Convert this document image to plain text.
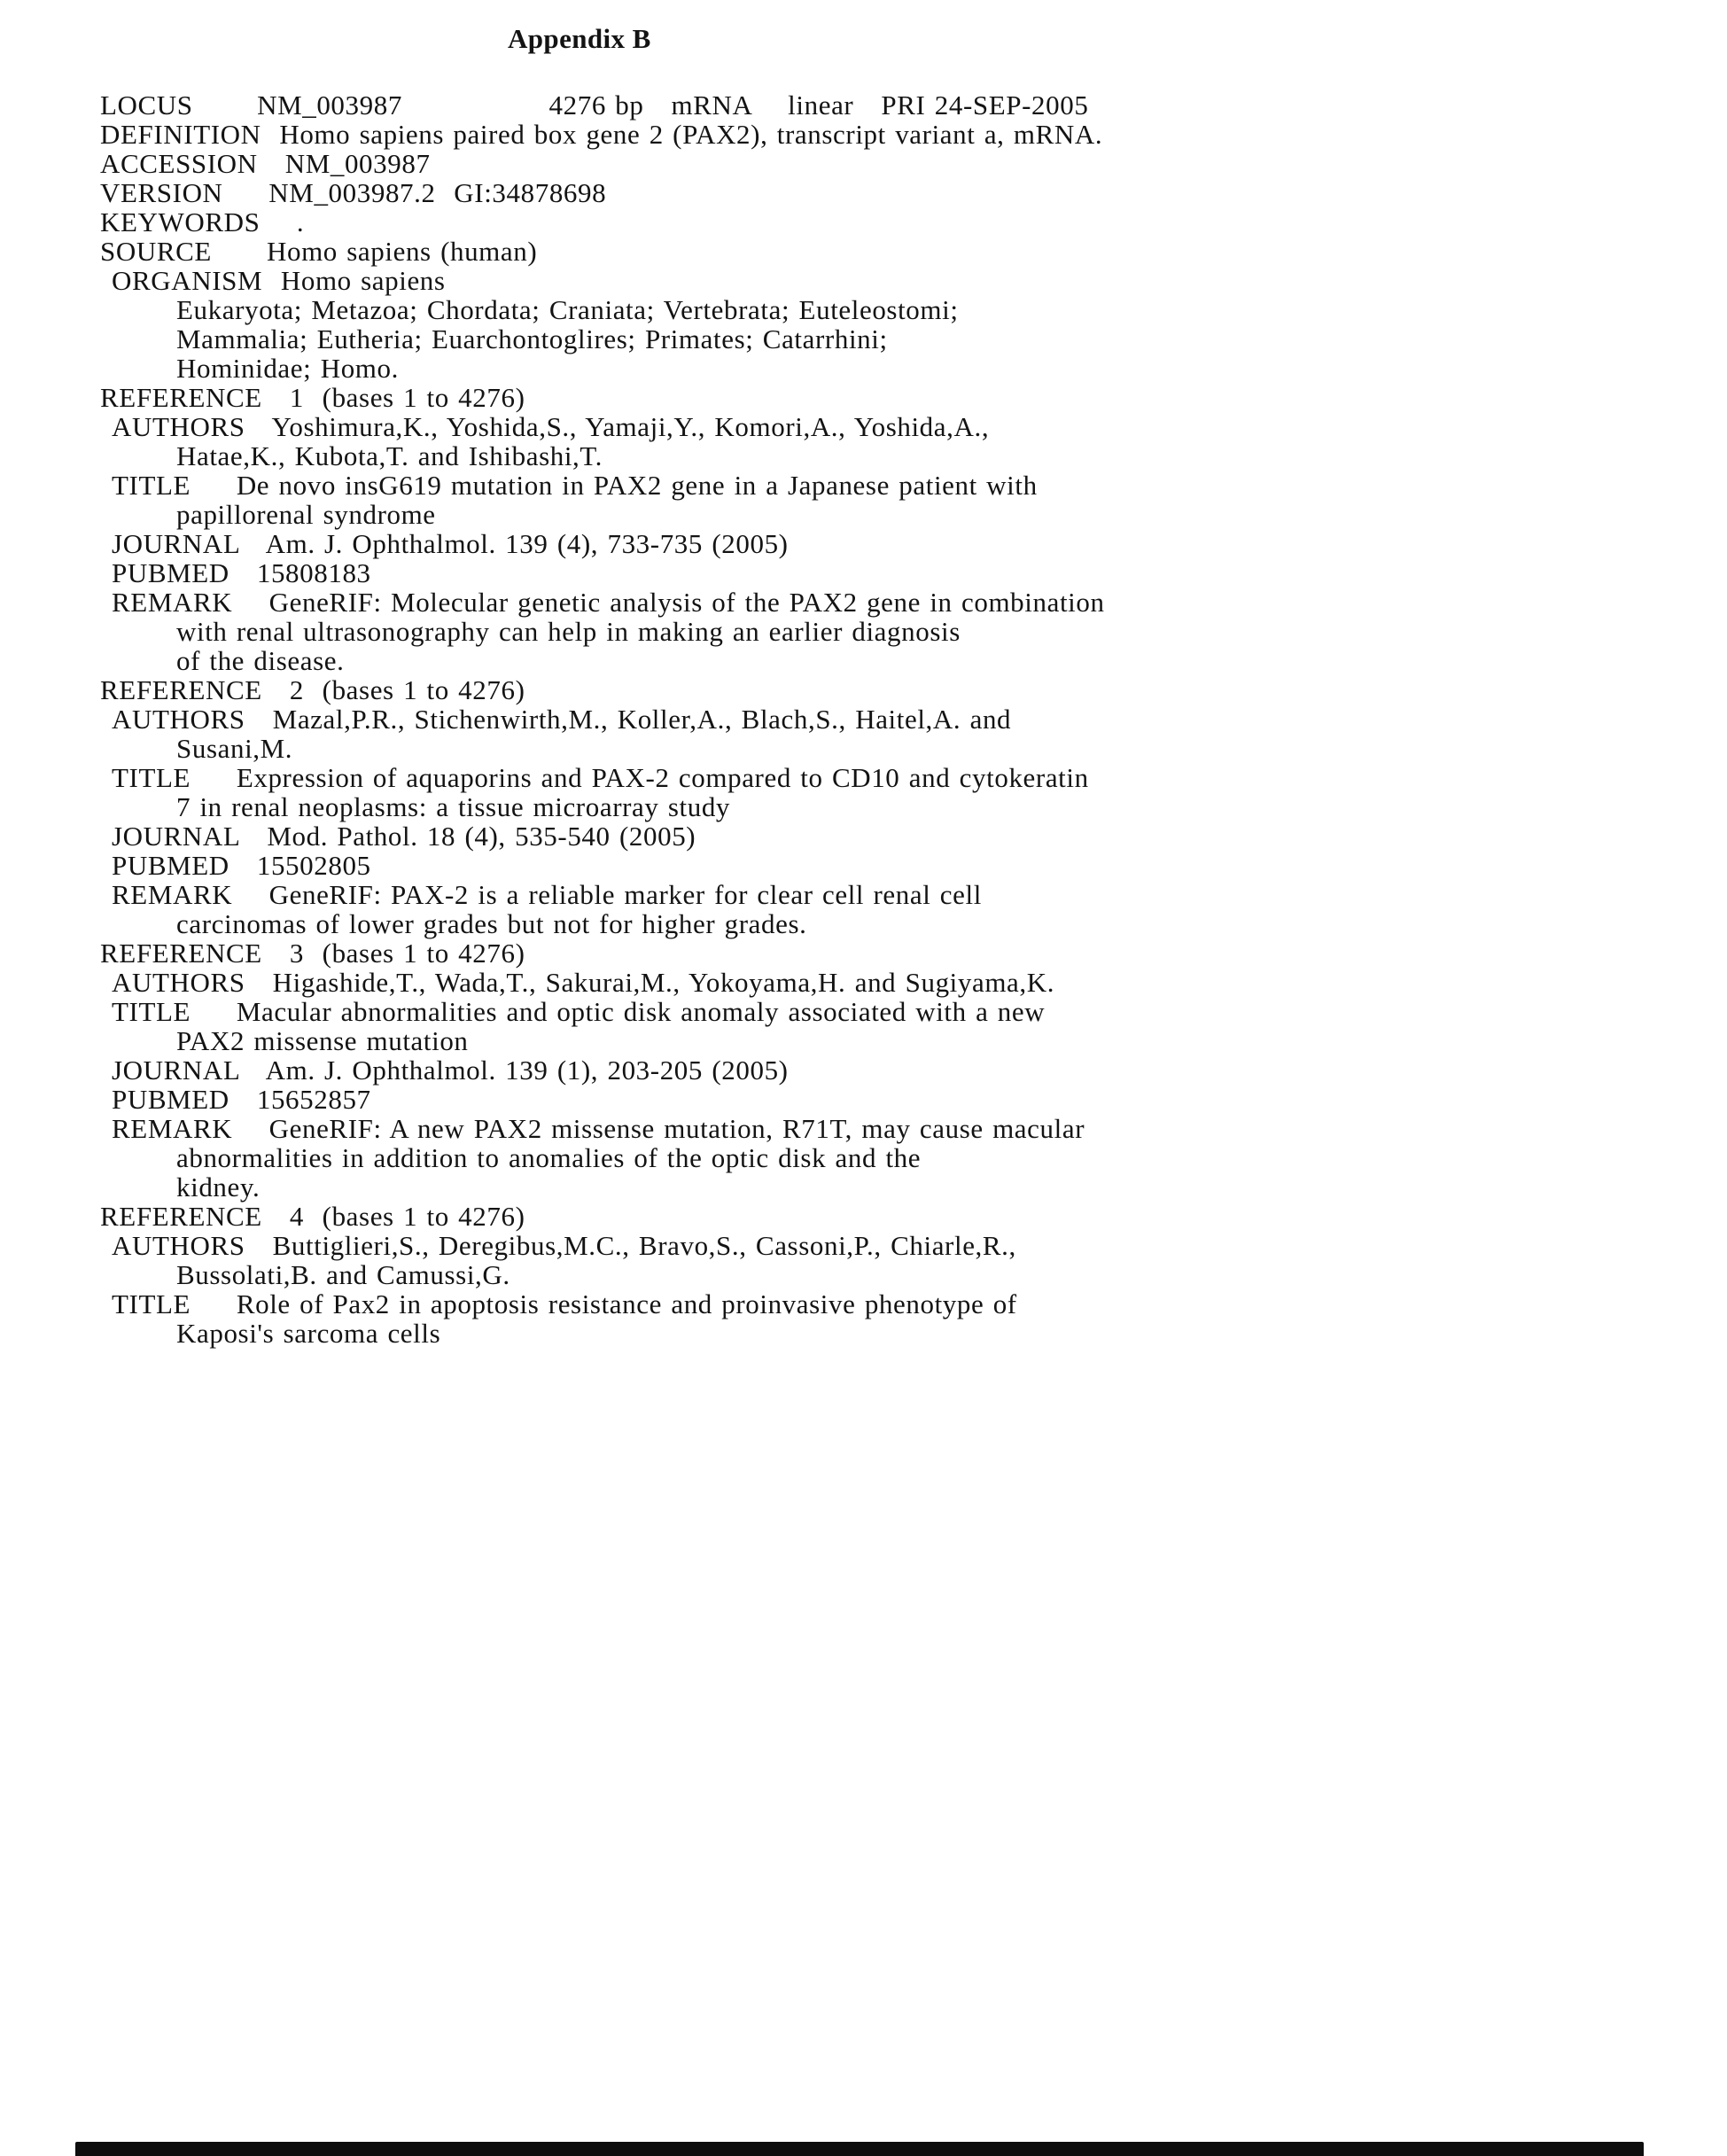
Appendix B
LOCUS       NM_003987                4276 bp   mRNA    linear   PRI 24-SEP-2005
DEFINITION  Homo sapiens paired box gene 2 (PAX2), transcript variant a, mRNA.
ACCESSION   NM_003987
VERSION     NM_003987.2  GI:34878698
KEYWORDS    .
SOURCE      Homo sapiens (human)
ORGANISM  Homo sapiens
Eukaryota; Metazoa; Chordata; Craniata; Vertebrata; Euteleostomi;
Mammalia; Eutheria; Euarchontoglires; Primates; Catarrhini;
Hominidae; Homo.
REFERENCE   1  (bases 1 to 4276)
AUTHORS   Yoshimura,K., Yoshida,S., Yamaji,Y., Komori,A., Yoshida,A.,
Hatae,K., Kubota,T. and Ishibashi,T.
TITLE     De novo insG619 mutation in PAX2 gene in a Japanese patient with
papillorenal syndrome
JOURNAL   Am. J. Ophthalmol. 139 (4), 733-735 (2005)
PUBMED   15808183
REMARK    GeneRIF: Molecular genetic analysis of the PAX2 gene in combination
with renal ultrasonography can help in making an earlier diagnosis
of the disease.
REFERENCE   2  (bases 1 to 4276)
AUTHORS   Mazal,P.R., Stichenwirth,M., Koller,A., Blach,S., Haitel,A. and
Susani,M.
TITLE     Expression of aquaporins and PAX-2 compared to CD10 and cytokeratin
7 in renal neoplasms: a tissue microarray study
JOURNAL   Mod. Pathol. 18 (4), 535-540 (2005)
PUBMED   15502805
REMARK    GeneRIF: PAX-2 is a reliable marker for clear cell renal cell
carcinomas of lower grades but not for higher grades.
REFERENCE   3  (bases 1 to 4276)
AUTHORS   Higashide,T., Wada,T., Sakurai,M., Yokoyama,H. and Sugiyama,K.
TITLE     Macular abnormalities and optic disk anomaly associated with a new
PAX2 missense mutation
JOURNAL   Am. J. Ophthalmol. 139 (1), 203-205 (2005)
PUBMED   15652857
REMARK    GeneRIF: A new PAX2 missense mutation, R71T, may cause macular
abnormalities in addition to anomalies of the optic disk and the
kidney.
REFERENCE   4  (bases 1 to 4276)
AUTHORS   Buttiglieri,S., Deregibus,M.C., Bravo,S., Cassoni,P., Chiarle,R.,
Bussolati,B. and Camussi,G.
TITLE     Role of Pax2 in apoptosis resistance and proinvasive phenotype of
Kaposi's sarcoma cells
